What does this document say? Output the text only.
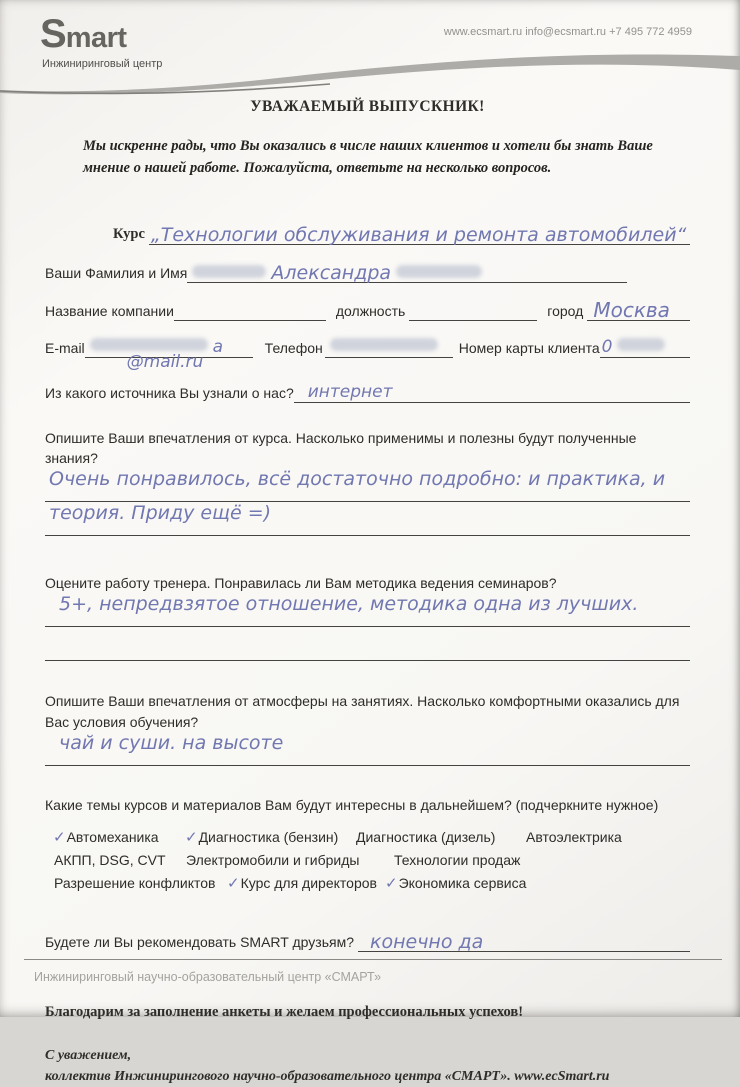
Smart
Инжиниринговый центр
www.ecsmart.ru info@ecsmart.ru +7 495 772 4959
УВАЖАЕМЫЙ ВЫПУСКНИК!
Мы искренне рады, что Вы оказались в числе наших клиентов и хотели бы знать Ваше мнение о нашей работе. Пожалуйста, ответьте на несколько вопросов.
Курс „Технологии обслуживания и ремонта автомобилей“
Ваши Фамилия и Имя	Александра
Название компании	должность	город Москва
E-mail	а
@mail.ru
Телефон	Номер карты клиента 0
Из какого источника Вы узнали о нас? интернет
Опишите Ваши впечатления от курса. Насколько применимы и полезны будут полученные знания?
Очень понравилось, всё достаточно подробно: и практика, и
теория. Приду ещё =)
Оцените работу тренера. Понравилась ли Вам методика ведения семинаров?
5+, непредвзятое отношение, методика одна из лучших.
Опишите Ваши впечатления от атмосферы на занятиях. Насколько комфортными оказались для Вас условия обучения?
чай и суши. на высоте
Какие темы курсов и материалов Вам будут интересны в дальнейшем? (подчеркните нужное)
✓Автомеханика ✓Диагностика (бензин) Диагностика (дизель) Автоэлектрика
АКПП, DSG, CVT Электромобили и гибриды Технологии продаж
Разрешение конфликтов ✓Курс для директоров ✓Экономика сервиса
Будете ли Вы рекомендовать SMART друзьям? конечно да
Благодарим за заполнение анкеты и желаем профессиональных успехов!
С уважением,
коллектив Инжинирингового научно-образовательного центра «СМАРТ». www.ecSmart.ru
Инжиниринговый научно-образовательный центр «СМАРТ»
